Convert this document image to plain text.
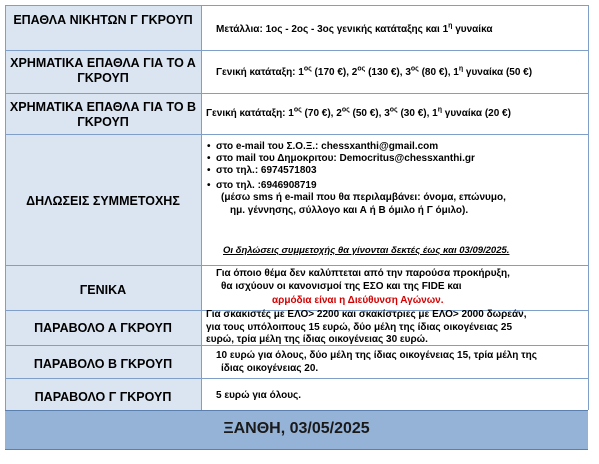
ΕΠΑΘΛΑ ΝΙΚΗΤΩΝ Γ ΓΚΡΟΥΠ
Μετάλλια: 1ος - 2ος - 3ος γενικής κατάταξης και $1^\eta$ γυναίκα
ΧΡΗΜΑΤΙΚΑ ΕΠΑΘΛΑ ΓΙΑ ΤΟ Α ΓΚΡΟΥΠ	Γενική κατάταξη: $1^{o\varsigma}$ (170 €), $2^{o\varsigma}$ (130 €), $3^{o\varsigma}$ (80 €), $1^\eta$ γυναίκα (50 €)
ΧΡΗΜΑΤΙΚΑ ΕΠΑΘΛΑ ΓΙΑ ΤΟ Β ΓΚΡΟΥΠ
Γενική κατάταξη: $1^{o\varsigma}$ (70 €), $2^{o\varsigma}$ (50 €), $3^{o\varsigma}$ (30 €), $1^\eta$ γυναίκα (20 €)
ΔΗΛΩΣΕΙΣ ΣΥΜΜΕΤΟΧΗΣ
• στο e-mail του Σ.Ο.Ξ.: chessxanthi@gmail.com
• στο mail του Δημοκριτου: Democritus@chessxanthi.gr
• στο τηλ.: 6974571803
• στο τηλ. :6946908719
(μέσω sms ή e-mail που θα περιλαμβάνει: όνομα, επώνυμο,
ημ. γέννησης, σύλλογο και Α ή Β όμιλο ή Γ όμιλο).
Οι δηλώσεις συμμετοχής θα γίνονται δεκτές έως και 03/09/2025.
ΓΕΝΙΚΑ
Για όποιο θέμα δεν καλύπτεται από την παρούσα προκήρυξη,
θα ισχύουν οι κανονισμοί της ΕΣΟ και της FIDE και
αρμόδια είναι η Διεύθυνση Αγώνων.
ΠΑΡΑΒΟΛΟ Α ΓΚΡΟΥΠ
Για σκακιστές με ΕΛΟ> 2200 και σκακίστριες με ΕΛΟ> 2000 δωρεάν,
για τους υπόλοιπους 15 ευρώ, δύο μέλη της ίδιας οικογένειας 25
ευρώ, τρία μέλη της ίδιας οικογένειας 30 ευρώ.
ΠΑΡΑΒΟΛΟ Β ΓΚΡΟΥΠ
10 ευρώ για όλους, δύο μέλη της ίδιας οικογένειας 15, τρία μέλη της
ίδιας οικογένειας 20.
ΠΑΡΑΒΟΛΟ Γ ΓΚΡΟΥΠ	5 ευρώ για όλους.
ΞΑΝΘΗ, 03/05/2025
